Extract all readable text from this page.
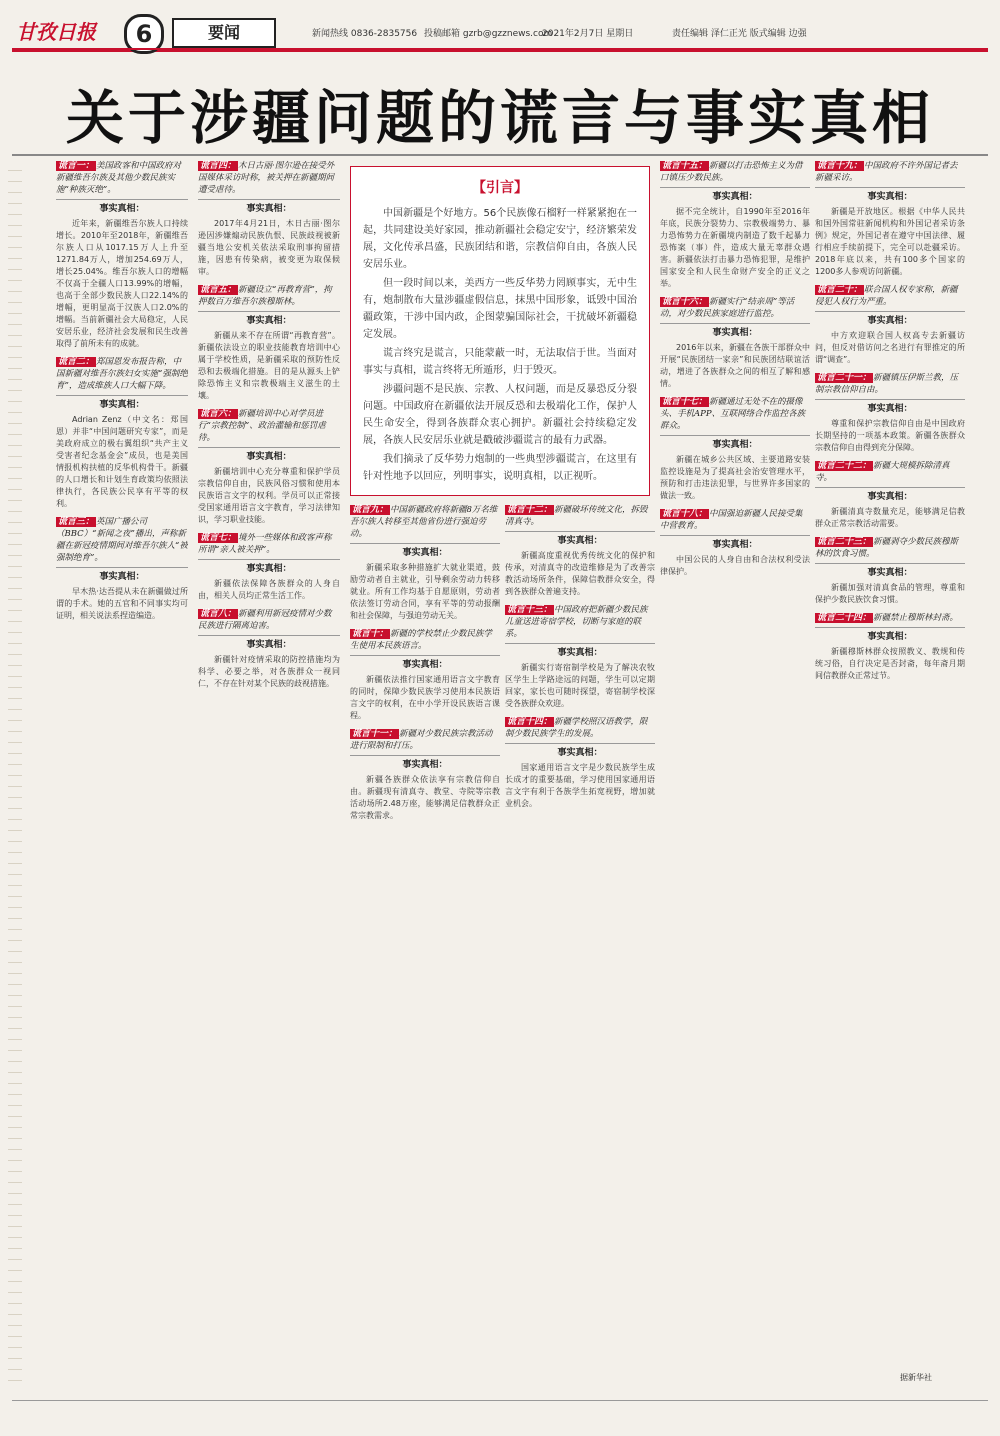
甘孜日报	6	要闻	新闻热线 0836-2835756 投稿邮箱 gzrb@gzznews.com
2021年2月7日 星期日	责任编辑 泽仁正光 版式编辑 边强
关于涉疆问题的谎言与事实真相
谎言一： 美国政客和中国政府对新疆维吾尔族及其他少数民族实施“种族灭绝”。
事实真相：
近年来，新疆维吾尔族人口持续增长。2010年至2018年，新疆维吾尔族人口从1017.15万人上升至1271.84万人，增加254.69万人，增长25.04%。维吾尔族人口的增幅不仅高于全疆人口13.99%的增幅，也高于全部少数民族人口22.14%的增幅，更明显高于汉族人口2.0%的增幅。当前新疆社会大局稳定，人民安居乐业，经济社会发展和民生改善取得了前所未有的成就。
谎言二： 郑国恩发布报告称，中国新疆对维吾尔族妇女实施“强制绝育”，造成维族人口大幅下降。
事实真相：
Adrian Zenz（中文名：郑国恩）并非“中国问题研究专家”，而是美政府成立的极右翼组织“共产主义受害者纪念基金会”成员，也是美国情报机构扶植的反华机构骨干。新疆的人口增长和计划生育政策均依照法律执行，各民族公民享有平等的权利。
谎言三： 英国广播公司（BBC）“新闻之夜”播出，声称新疆在新冠疫情期间对维吾尔族人“被强制绝育”。
事实真相：
早木热·达吾提从未在新疆做过所谓的手术。她的五官和不同事实均可证明，相关说法系捏造编造。
谎言四： 木日古丽·图尔逊在接受外国媒体采访时称，被关押在新疆期间遭受虐待。
事实真相：
2017年4月21日，木日古丽·图尔逊因涉嫌煽动民族仇恨、民族歧视被新疆当地公安机关依法采取刑事拘留措施，因患有传染病，被变更为取保候审。
谎言五： 新疆设立“再教育营”，拘押数百万维吾尔族穆斯林。
事实真相：
新疆从来不存在所谓“再教育营”。新疆依法设立的职业技能教育培训中心属于学校性质，是新疆采取的预防性反恐和去极端化措施。目的是从源头上铲除恐怖主义和宗教极端主义滋生的土壤。
谎言六： 新疆培训中心对学员进行“宗教控制”、政治灌输和惩罚虐待。
事实真相：
新疆培训中心充分尊重和保护学员宗教信仰自由，民族风俗习惯和使用本民族语言文字的权利。学员可以正常接受国家通用语言文字教育，学习法律知识，学习职业技能。
谎言七： 境外一些媒体和政客声称所谓“亲人被关押”。
事实真相：
新疆依法保障各族群众的人身自由，相关人员均正常生活工作。
谎言八： 新疆利用新冠疫情对少数民族进行隔离迫害。
事实真相：
新疆针对疫情采取的防控措施均为科学、必要之举，对各族群众一视同仁，不存在针对某个民族的歧视措施。
谎言九： 中国新疆政府将新疆8万名维吾尔族人转移至其他省份进行强迫劳动。
事实真相：
新疆采取多种措施扩大就业渠道，鼓励劳动者自主就业，引导剩余劳动力转移就业。所有工作均基于自愿原则，劳动者依法签订劳动合同，享有平等的劳动报酬和社会保障，与强迫劳动无关。
谎言十： 新疆的学校禁止少数民族学生使用本民族语言。
事实真相：
新疆依法推行国家通用语言文字教育的同时，保障少数民族学习使用本民族语言文字的权利，在中小学开设民族语言课程。
谎言十一： 新疆对少数民族宗教活动进行限制和打压。
事实真相：
新疆各族群众依法享有宗教信仰自由。新疆现有清真寺、教堂、寺院等宗教活动场所2.48万座，能够满足信教群众正常宗教需求。
谎言十二： 新疆破坏传统文化，拆毁清真寺。
事实真相：
新疆高度重视优秀传统文化的保护和传承，对清真寺的改造维修是为了改善宗教活动场所条件，保障信教群众安全，得到各族群众普遍支持。
谎言十三： 中国政府把新疆少数民族儿童送进寄宿学校，切断与家庭的联系。
事实真相：
新疆实行寄宿制学校是为了解决农牧区学生上学路途远的问题，学生可以定期回家，家长也可随时探望，寄宿制学校深受各族群众欢迎。
谎言十四： 新疆学校照汉语教学，限制少数民族学生的发展。
事实真相：
国家通用语言文字是少数民族学生成长成才的重要基础，学习使用国家通用语言文字有利于各族学生拓宽视野，增加就业机会。
谎言十五： 新疆以打击恐怖主义为借口镇压少数民族。
事实真相：
据不完全统计，自1990年至2016年年底，民族分裂势力、宗教极端势力、暴力恐怖势力在新疆境内制造了数千起暴力恐怖案（事）件，造成大量无辜群众遇害。新疆依法打击暴力恐怖犯罪，是维护国家安全和人民生命财产安全的正义之举。
谎言十六： 新疆实行“结亲周”等活动，对少数民族家庭进行监控。
事实真相：
2016年以来，新疆在各族干部群众中开展“民族团结一家亲”和民族团结联谊活动，增进了各族群众之间的相互了解和感情。
谎言十七： 新疆通过无处不在的摄像头、手机APP、互联网络合作监控各族群众。
事实真相：
新疆在城乡公共区域、主要道路安装监控设施是为了提高社会治安管理水平，预防和打击违法犯罪，与世界许多国家的做法一致。
谎言十八： 中国强迫新疆人民接受集中营教育。
事实真相：
中国公民的人身自由和合法权利受法律保护。
谎言十九： 中国政府不许外国记者去新疆采访。
事实真相：
新疆是开放地区。根据《中华人民共和国外国常驻新闻机构和外国记者采访条例》规定，外国记者在遵守中国法律、履行相应手续前提下，完全可以赴疆采访。2018年底以来，共有100多个国家的1200多人参观访问新疆。
谎言二十： 联合国人权专家称，新疆侵犯人权行为严重。
事实真相：
中方欢迎联合国人权高专去新疆访问，但反对借访问之名进行有罪推定的所谓“调查”。
谎言二十一： 新疆镇压伊斯兰教，压制宗教信仰自由。
事实真相：
尊重和保护宗教信仰自由是中国政府长期坚持的一项基本政策。新疆各族群众宗教信仰自由得到充分保障。
谎言二十二： 新疆大规模拆除清真寺。
事实真相：
新疆清真寺数量充足，能够满足信教群众正常宗教活动需要。
谎言二十三： 新疆剥夺少数民族穆斯林的饮食习惯。
事实真相：
新疆加强对清真食品的管理，尊重和保护少数民族饮食习惯。
谎言二十四： 新疆禁止穆斯林封斋。
事实真相：
新疆穆斯林群众按照教义、教规和传统习俗，自行决定是否封斋，每年斋月期间信教群众正常过节。
【引言】
中国新疆是个好地方。56个民族像石榴籽一样紧紧抱在一起，共同建设美好家园，推动新疆社会稳定安宁，经济繁荣发展，文化传承昌盛，民族团结和谐，宗教信仰自由，各族人民安居乐业。
但一段时间以来，美西方一些反华势力罔顾事实，无中生有，炮制散布大量涉疆虚假信息，抹黑中国形象，诋毁中国治疆政策，干涉中国内政，企图蒙骗国际社会，干扰破坏新疆稳定发展。
谎言终究是谎言，只能蒙蔽一时，无法取信于世。当面对事实与真相，谎言终将无所遁形，归于毁灭。
涉疆问题不是民族、宗教、人权问题，而是反暴恐反分裂问题。中国政府在新疆依法开展反恐和去极端化工作，保护人民生命安全，得到各族群众衷心拥护。新疆社会持续稳定发展，各族人民安居乐业就是戳破涉疆谎言的最有力武器。
我们摘录了反华势力炮制的一些典型涉疆谎言，在这里有针对性地予以回应，列明事实，说明真相，以正视听。
据新华社
